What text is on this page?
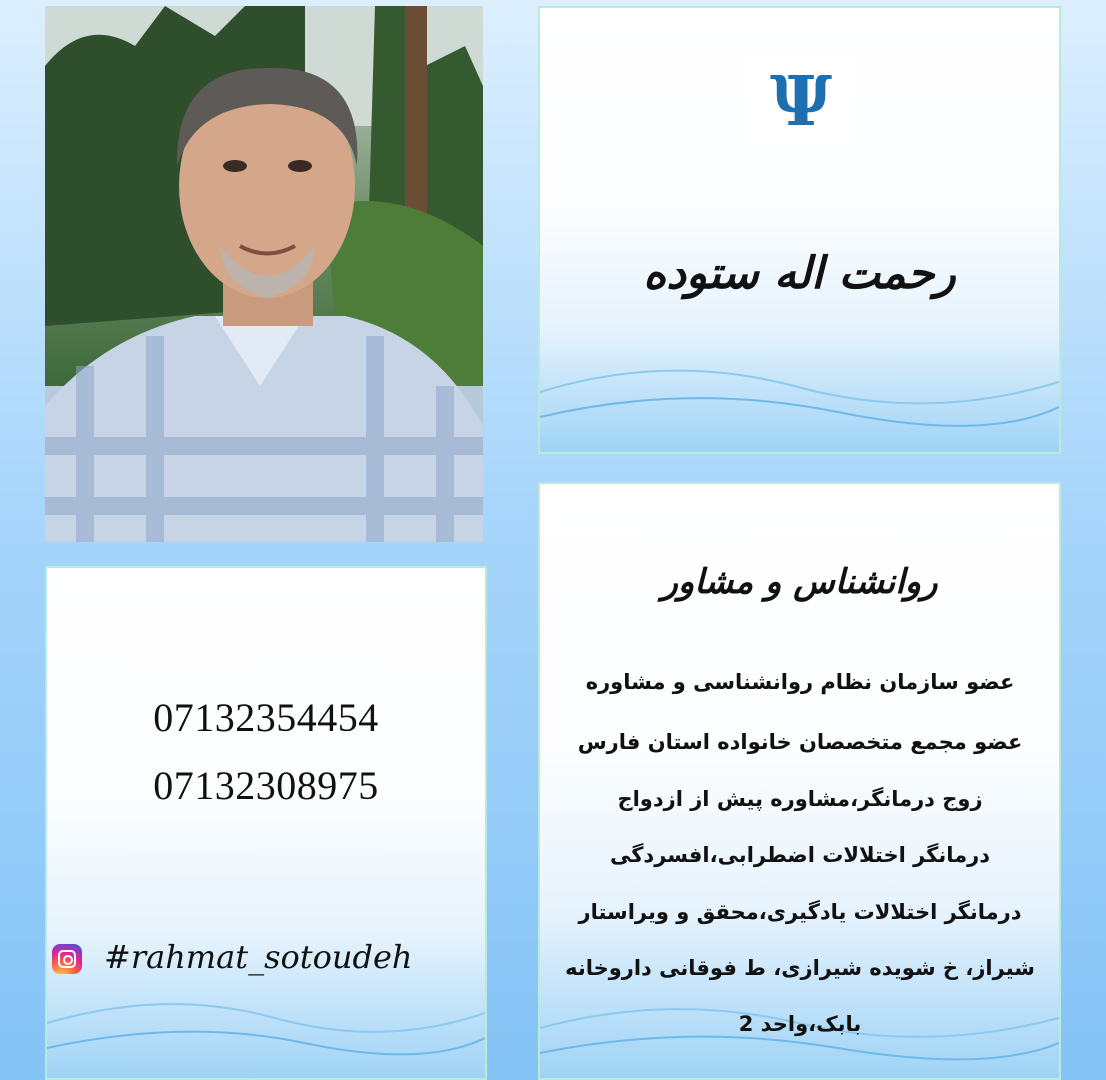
Ψ
رحمت اله ستوده
07132354454
07132308975
#rahmat_sotoudeh
روانشناس و مشاور
عضو سازمان نظام روانشناسی و مشاوره
عضو مجمع متخصصان خانواده استان فارس
زوج درمانگر،مشاوره پیش از ازدواج
درمانگر اختلالات اضطرابی،افسردگی
درمانگر اختلالات یادگیری،محقق و ویراستار
شیراز، خ شویده شیرازی، ط فوقانی داروخانه
بابک،واحد 2
